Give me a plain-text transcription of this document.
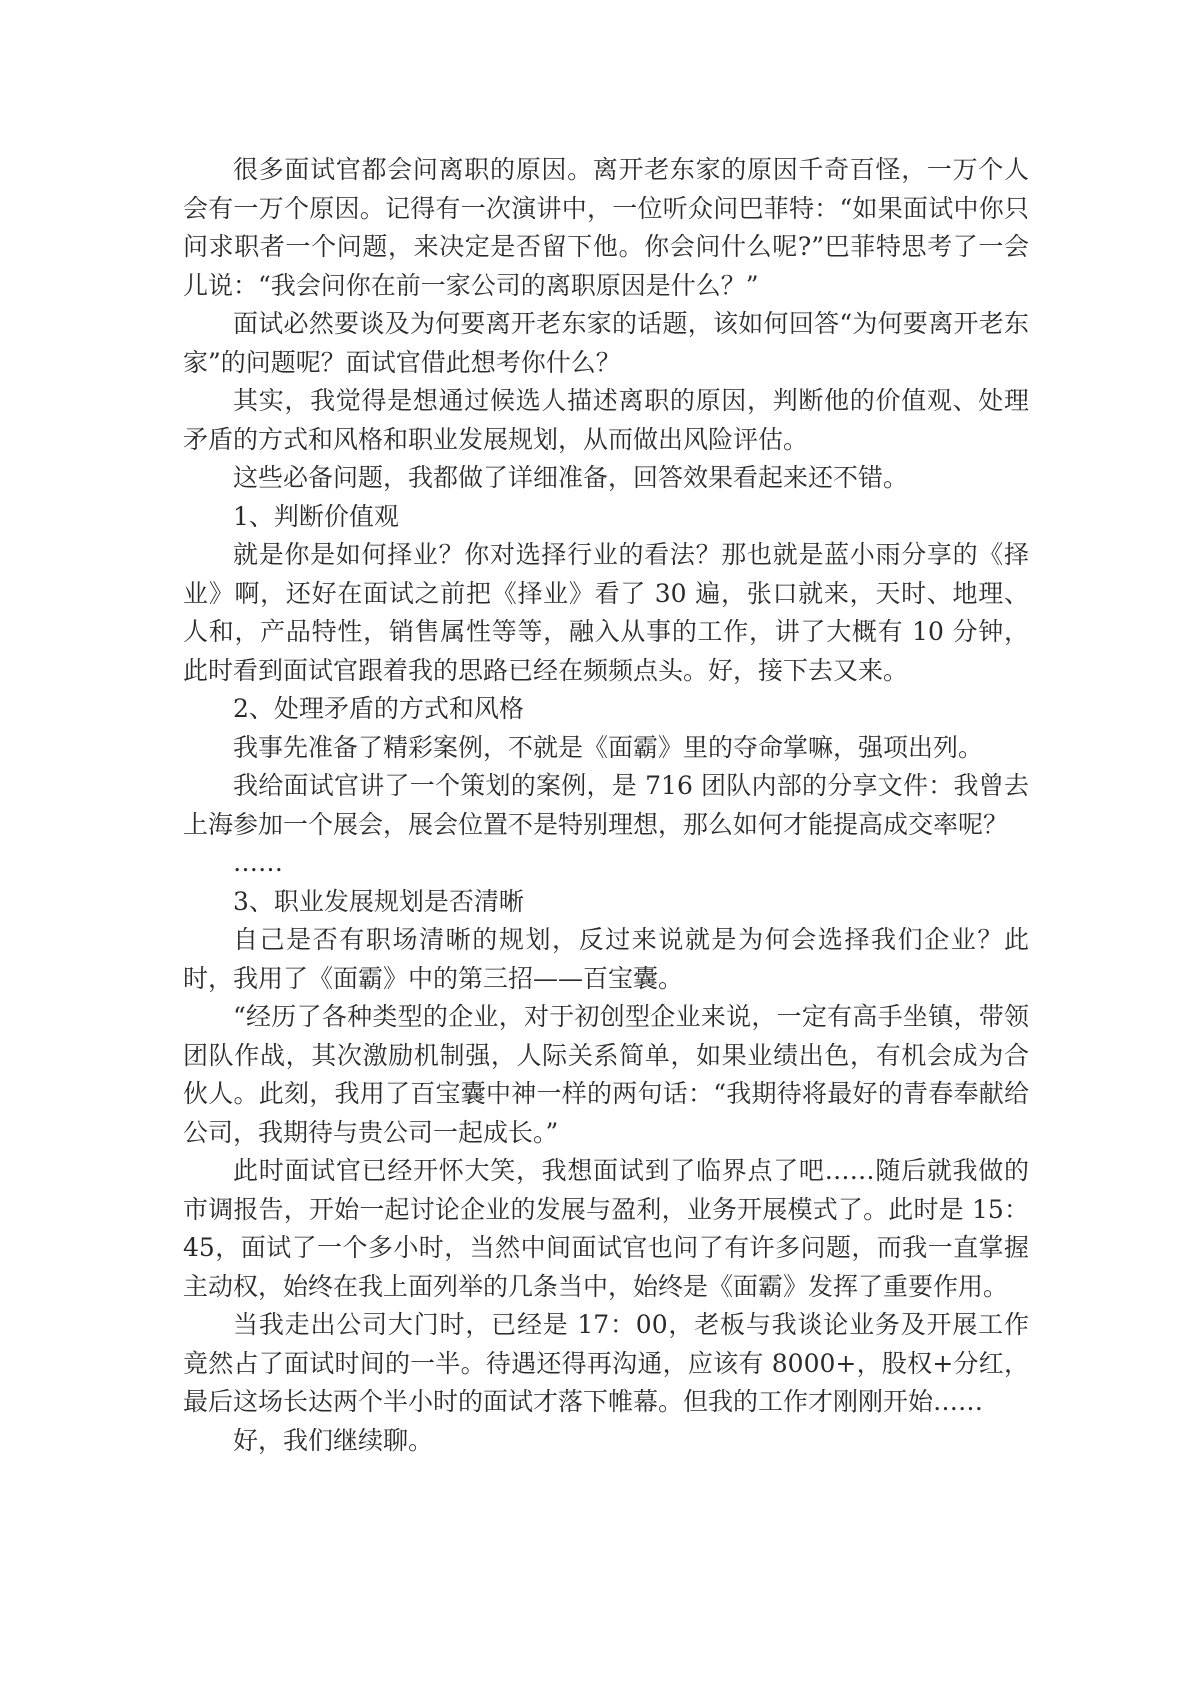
很多面试官都会问离职的原因。离开老东家的原因千奇百怪，一万个人会有一万个原因。记得有一次演讲中，一位听众问巴菲特：“如果面试中你只问求职者一个问题，来决定是否留下他。你会问什么呢?”巴菲特思考了一会儿说：“我会问你在前一家公司的离职原因是什么？”

面试必然要谈及为何要离开老东家的话题，该如何回答“为何要离开老东家”的问题呢？面试官借此想考你什么？

其实，我觉得是想通过候选人描述离职的原因，判断他的价值观、处理矛盾的方式和风格和职业发展规划，从而做出风险评估。

这些必备问题，我都做了详细准备，回答效果看起来还不错。

1、判断价值观

就是你是如何择业？你对选择行业的看法？那也就是蓝小雨分享的《择业》啊，还好在面试之前把《择业》看了 30 遍，张口就来，天时、地理、人和，产品特性，销售属性等等，融入从事的工作，讲了大概有 10 分钟，此时看到面试官跟着我的思路已经在频频点头。好，接下去又来。

2、处理矛盾的方式和风格

我事先准备了精彩案例，不就是《面霸》里的夺命掌嘛，强项出列。

我给面试官讲了一个策划的案例，是 716 团队内部的分享文件：我曾去上海参加一个展会，展会位置不是特别理想，那么如何才能提高成交率呢？

……

3、职业发展规划是否清晰

自己是否有职场清晰的规划，反过来说就是为何会选择我们企业？此时，我用了《面霸》中的第三招——百宝囊。

“经历了各种类型的企业，对于初创型企业来说，一定有高手坐镇，带领团队作战，其次激励机制强，人际关系简单，如果业绩出色，有机会成为合伙人。此刻，我用了百宝囊中神一样的两句话：“我期待将最好的青春奉献给公司，我期待与贵公司一起成长。”

此时面试官已经开怀大笑，我想面试到了临界点了吧……随后就我做的市调报告，开始一起讨论企业的发展与盈利，业务开展模式了。此时是 15：45，面试了一个多小时，当然中间面试官也问了有许多问题，而我一直掌握主动权，始终在我上面列举的几条当中，始终是《面霸》发挥了重要作用。

当我走出公司大门时，已经是 17：00，老板与我谈论业务及开展工作竟然占了面试时间的一半。待遇还得再沟通，应该有 8000+，股权+分红，最后这场长达两个半小时的面试才落下帷幕。但我的工作才刚刚开始……

好，我们继续聊。
